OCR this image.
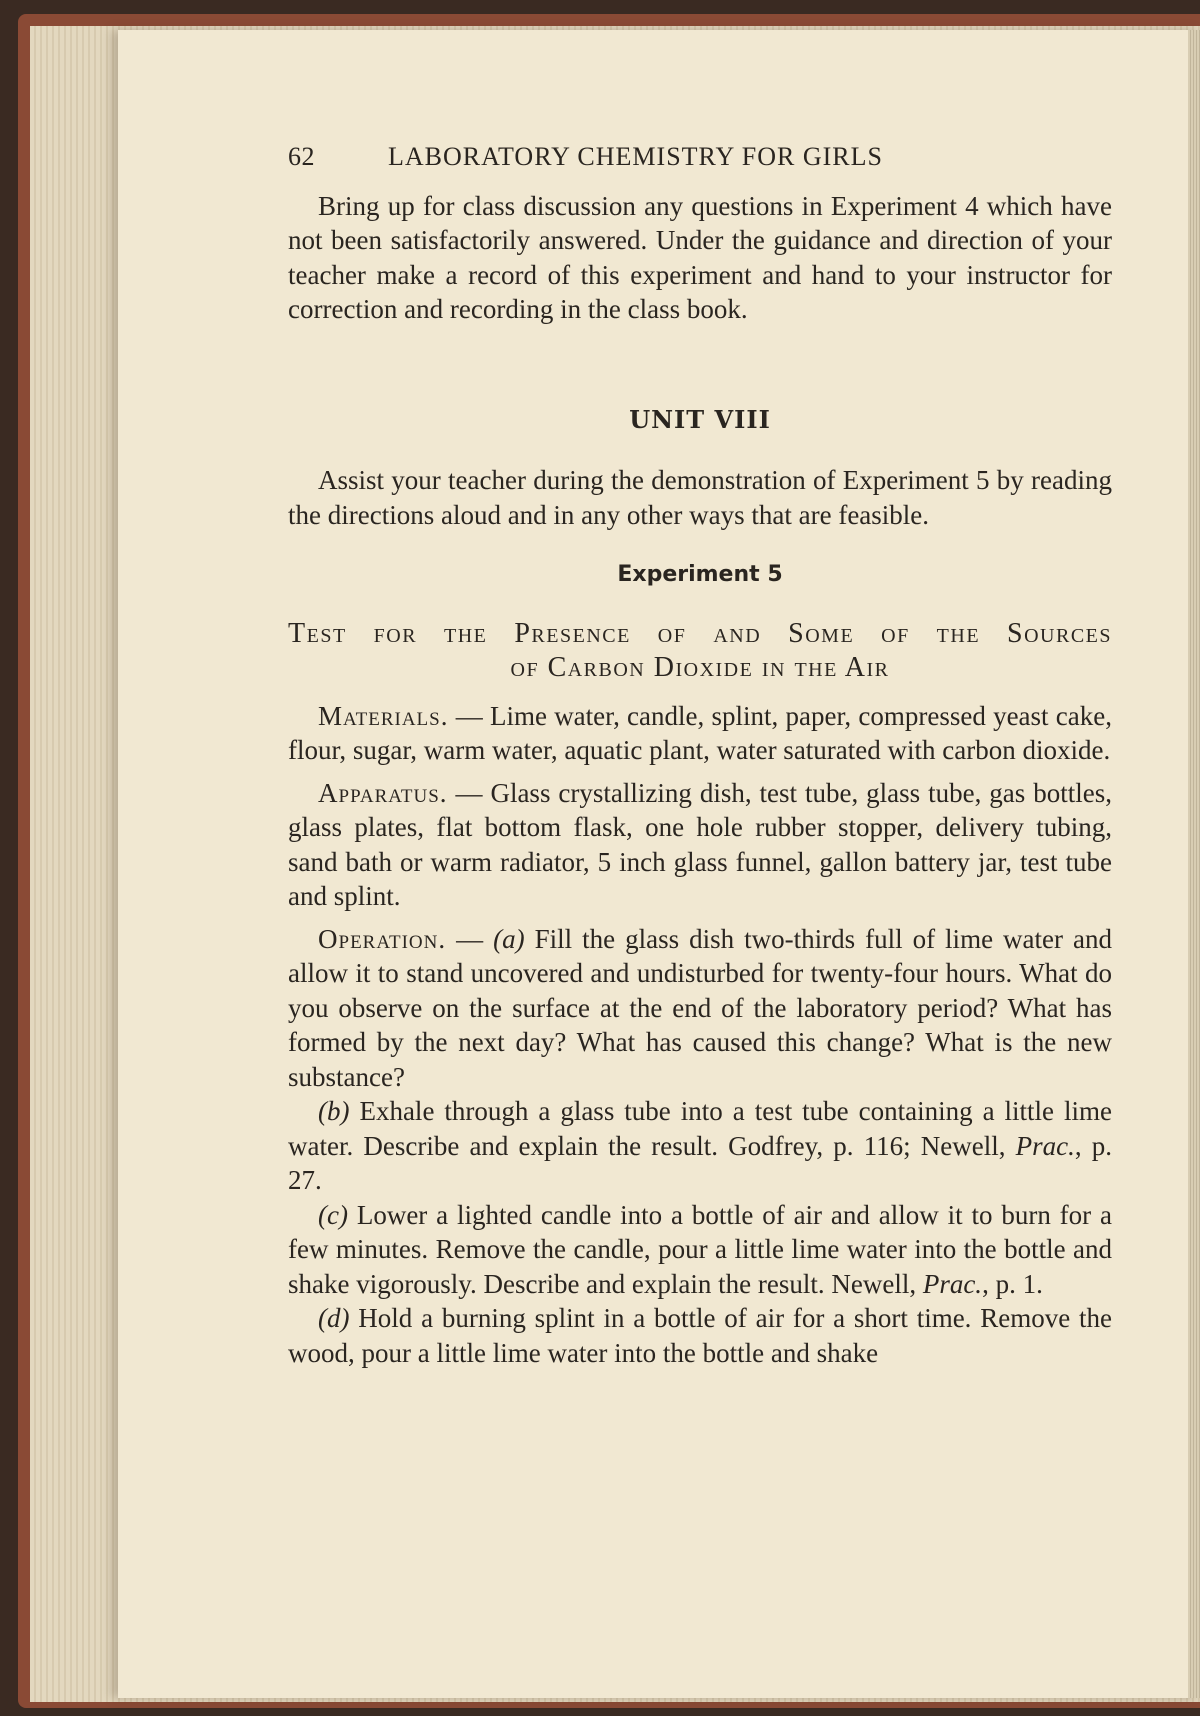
62	LABORATORY CHEMISTRY FOR GIRLS

Bring up for class discussion any questions in Experiment 4 which have not been satisfactorily answered. Under the guidance and direction of your teacher make a record of this experiment and hand to your instructor for correction and recording in the class book.

UNIT VIII

Assist your teacher during the demonstration of Experiment 5 by reading the directions aloud and in any other ways that are feasible.

Experiment 5
Test for the Presence of and Some of the Sources
of Carbon Dioxide in the Air

Materials. — Lime water, candle, splint, paper, compressed yeast cake, flour, sugar, warm water, aquatic plant, water saturated with carbon dioxide.

Apparatus. — Glass crystallizing dish, test tube, glass tube, gas bottles, glass plates, flat bottom flask, one hole rubber stopper, delivery tubing, sand bath or warm radiator, 5 inch glass funnel, gallon battery jar, test tube and splint.

Operation. — (a) Fill the glass dish two-thirds full of lime water and allow it to stand uncovered and undisturbed for twenty-four hours. What do you observe on the surface at the end of the laboratory period? What has formed by the next day? What has caused this change? What is the new substance?

(b) Exhale through a glass tube into a test tube containing a little lime water. Describe and explain the result. Godfrey, p. 116; Newell, Prac., p. 27.

(c) Lower a lighted candle into a bottle of air and allow it to burn for a few minutes. Remove the candle, pour a little lime water into the bottle and shake vigorously. Describe and explain the result. Newell, Prac., p. 1.

(d) Hold a burning splint in a bottle of air for a short time. Remove the wood, pour a little lime water into the bottle and shake
